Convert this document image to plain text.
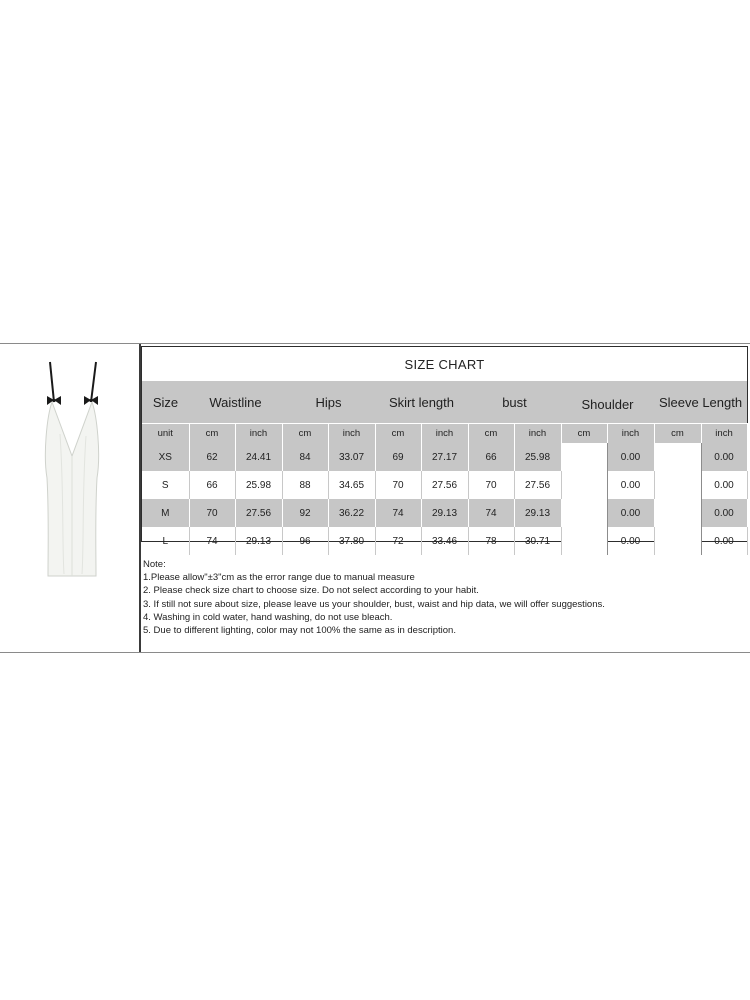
SIZE CHART												
Size	Waistline		Hips		Skirt length		bust		Shoulder		Sleeve Length	
unit	cm	inch	cm	inch	cm	inch	cm	inch	cm	inch	cm	inch
XS	62	24.41	84	33.07	69	27.17	66	25.98		0.00		0.00
S	66	25.98	88	34.65	70	27.56	70	27.56		0.00		0.00
M	70	27.56	92	36.22	74	29.13	74	29.13		0.00		0.00
L	74	29.13	96	37.80	72	33.46	78	30.71		0.00		0.00
Note:
1.Please allow"±3"cm as the error range due to manual measure
2. Please check size chart to choose size. Do not select according to your habit.
3. If still not sure about size, please leave us your shoulder, bust, waist and hip data, we will offer suggestions.
4. Washing in cold water, hand washing, do not use bleach.
5. Due to different lighting, color may not 100% the same as in description.
